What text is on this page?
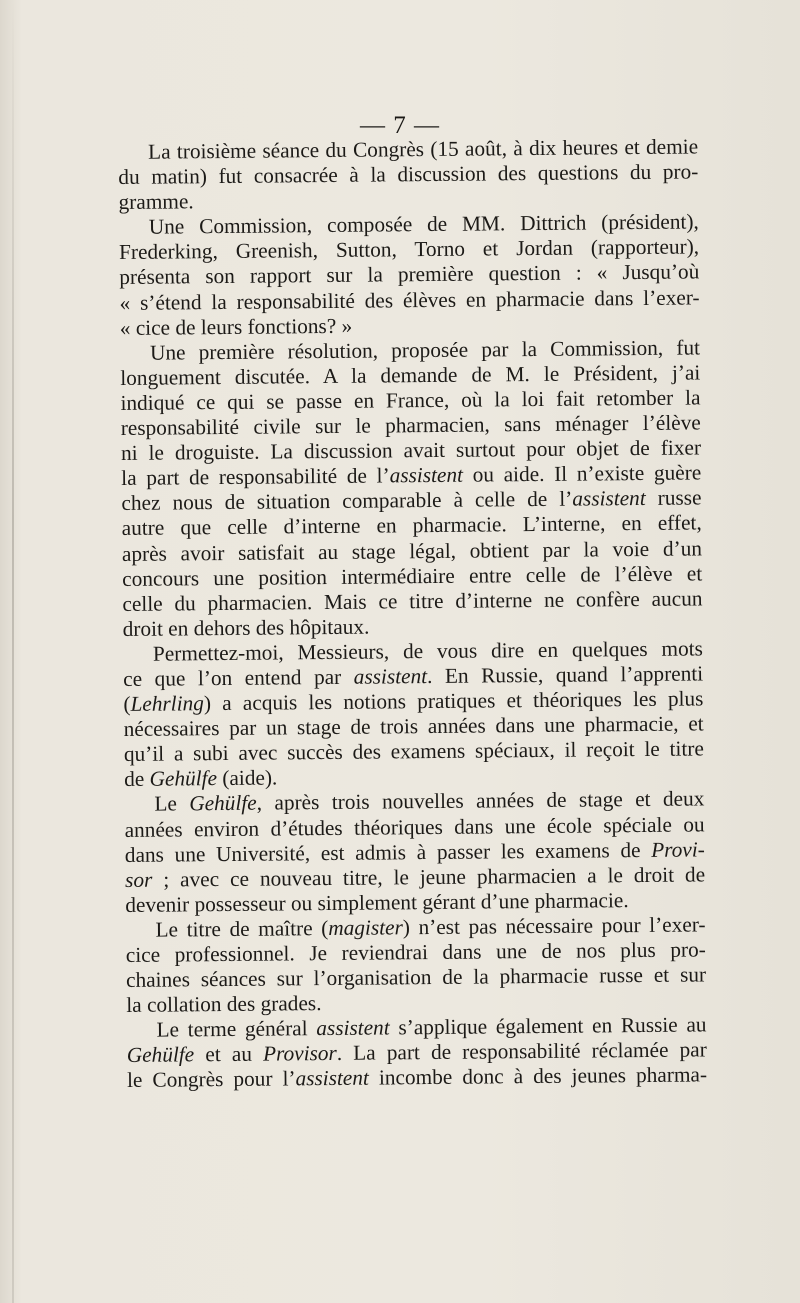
— 7 —
La troisième séance du Congrès (15 août, à dix heures et demie
du matin) fut consacrée à la discussion des questions du pro-
gramme.
Une Commission, composée de MM. Dittrich (président),
Frederking, Greenish, Sutton, Torno et Jordan (rapporteur),
présenta son rapport sur la première question : « Jusqu’où
« s’étend la responsabilité des élèves en pharmacie dans l’exer-
« cice de leurs fonctions? »
Une première résolution, proposée par la Commission, fut
longuement discutée. A la demande de M. le Président, j’ai
indiqué ce qui se passe en France, où la loi fait retomber la
responsabilité civile sur le pharmacien, sans ménager l’élève
ni le droguiste. La discussion avait surtout pour objet de fixer
la part de responsabilité de l’assistent ou aide. Il n’existe guère
chez nous de situation comparable à celle de l’assistent russe
autre que celle d’interne en pharmacie. L’interne, en effet,
après avoir satisfait au stage légal, obtient par la voie d’un
concours une position intermédiaire entre celle de l’élève et
celle du pharmacien. Mais ce titre d’interne ne confère aucun
droit en dehors des hôpitaux.
Permettez-moi, Messieurs, de vous dire en quelques mots
ce que l’on entend par assistent. En Russie, quand l’apprenti
(Lehrling) a acquis les notions pratiques et théoriques les plus
nécessaires par un stage de trois années dans une pharmacie, et
qu’il a subi avec succès des examens spéciaux, il reçoit le titre
de Gehülfe (aide).
Le Gehülfe, après trois nouvelles années de stage et deux
années environ d’études théoriques dans une école spéciale ou
dans une Université, est admis à passer les examens de Provi-
sor ; avec ce nouveau titre, le jeune pharmacien a le droit de
devenir possesseur ou simplement gérant d’une pharmacie.
Le titre de maître (magister) n’est pas nécessaire pour l’exer-
cice professionnel. Je reviendrai dans une de nos plus pro-
chaines séances sur l’organisation de la pharmacie russe et sur
la collation des grades.
Le terme général assistent s’applique également en Russie au
Gehülfe et au Provisor. La part de responsabilité réclamée par
le Congrès pour l’assistent incombe donc à des jeunes pharma-
